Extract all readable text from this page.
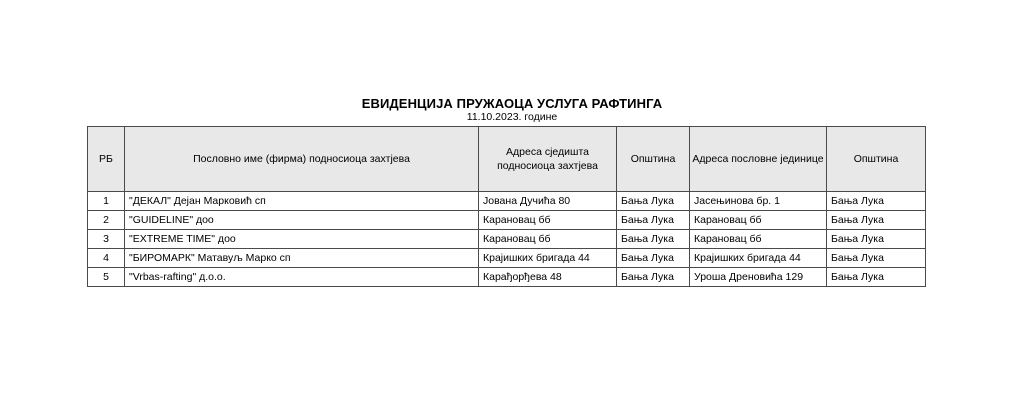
ЕВИДЕНЦИЈА ПРУЖАОЦА УСЛУГА РАФТИНГА
11.10.2023. године
РБ	Пословно име (фирма) подносиоца захтјева	Адреса сједишта подносиоца захтјева	Општина	Адреса пословне јединице	Општина
1	"ДЕКАЛ" Дејан Марковић сп	Јована Дучића 80	Бања Лука	Јасењинова бр. 1	Бања Лука
2	"GUIDELINE" доо	Карановац бб	Бања Лука	Карановац бб	Бања Лука
3	"EXTREME TIME" доо	Карановац бб	Бања Лука	Карановац бб	Бања Лука
4	"БИРОМАРК" Матавуљ Марко сп	Крајишких бригада 44	Бања Лука	Крајишких бригада 44	Бања Лука
5	"Vrbas-rafting" д.о.о.	Карађорђева 48	Бања Лука	Уроша Дреновића 129	Бања Лука
